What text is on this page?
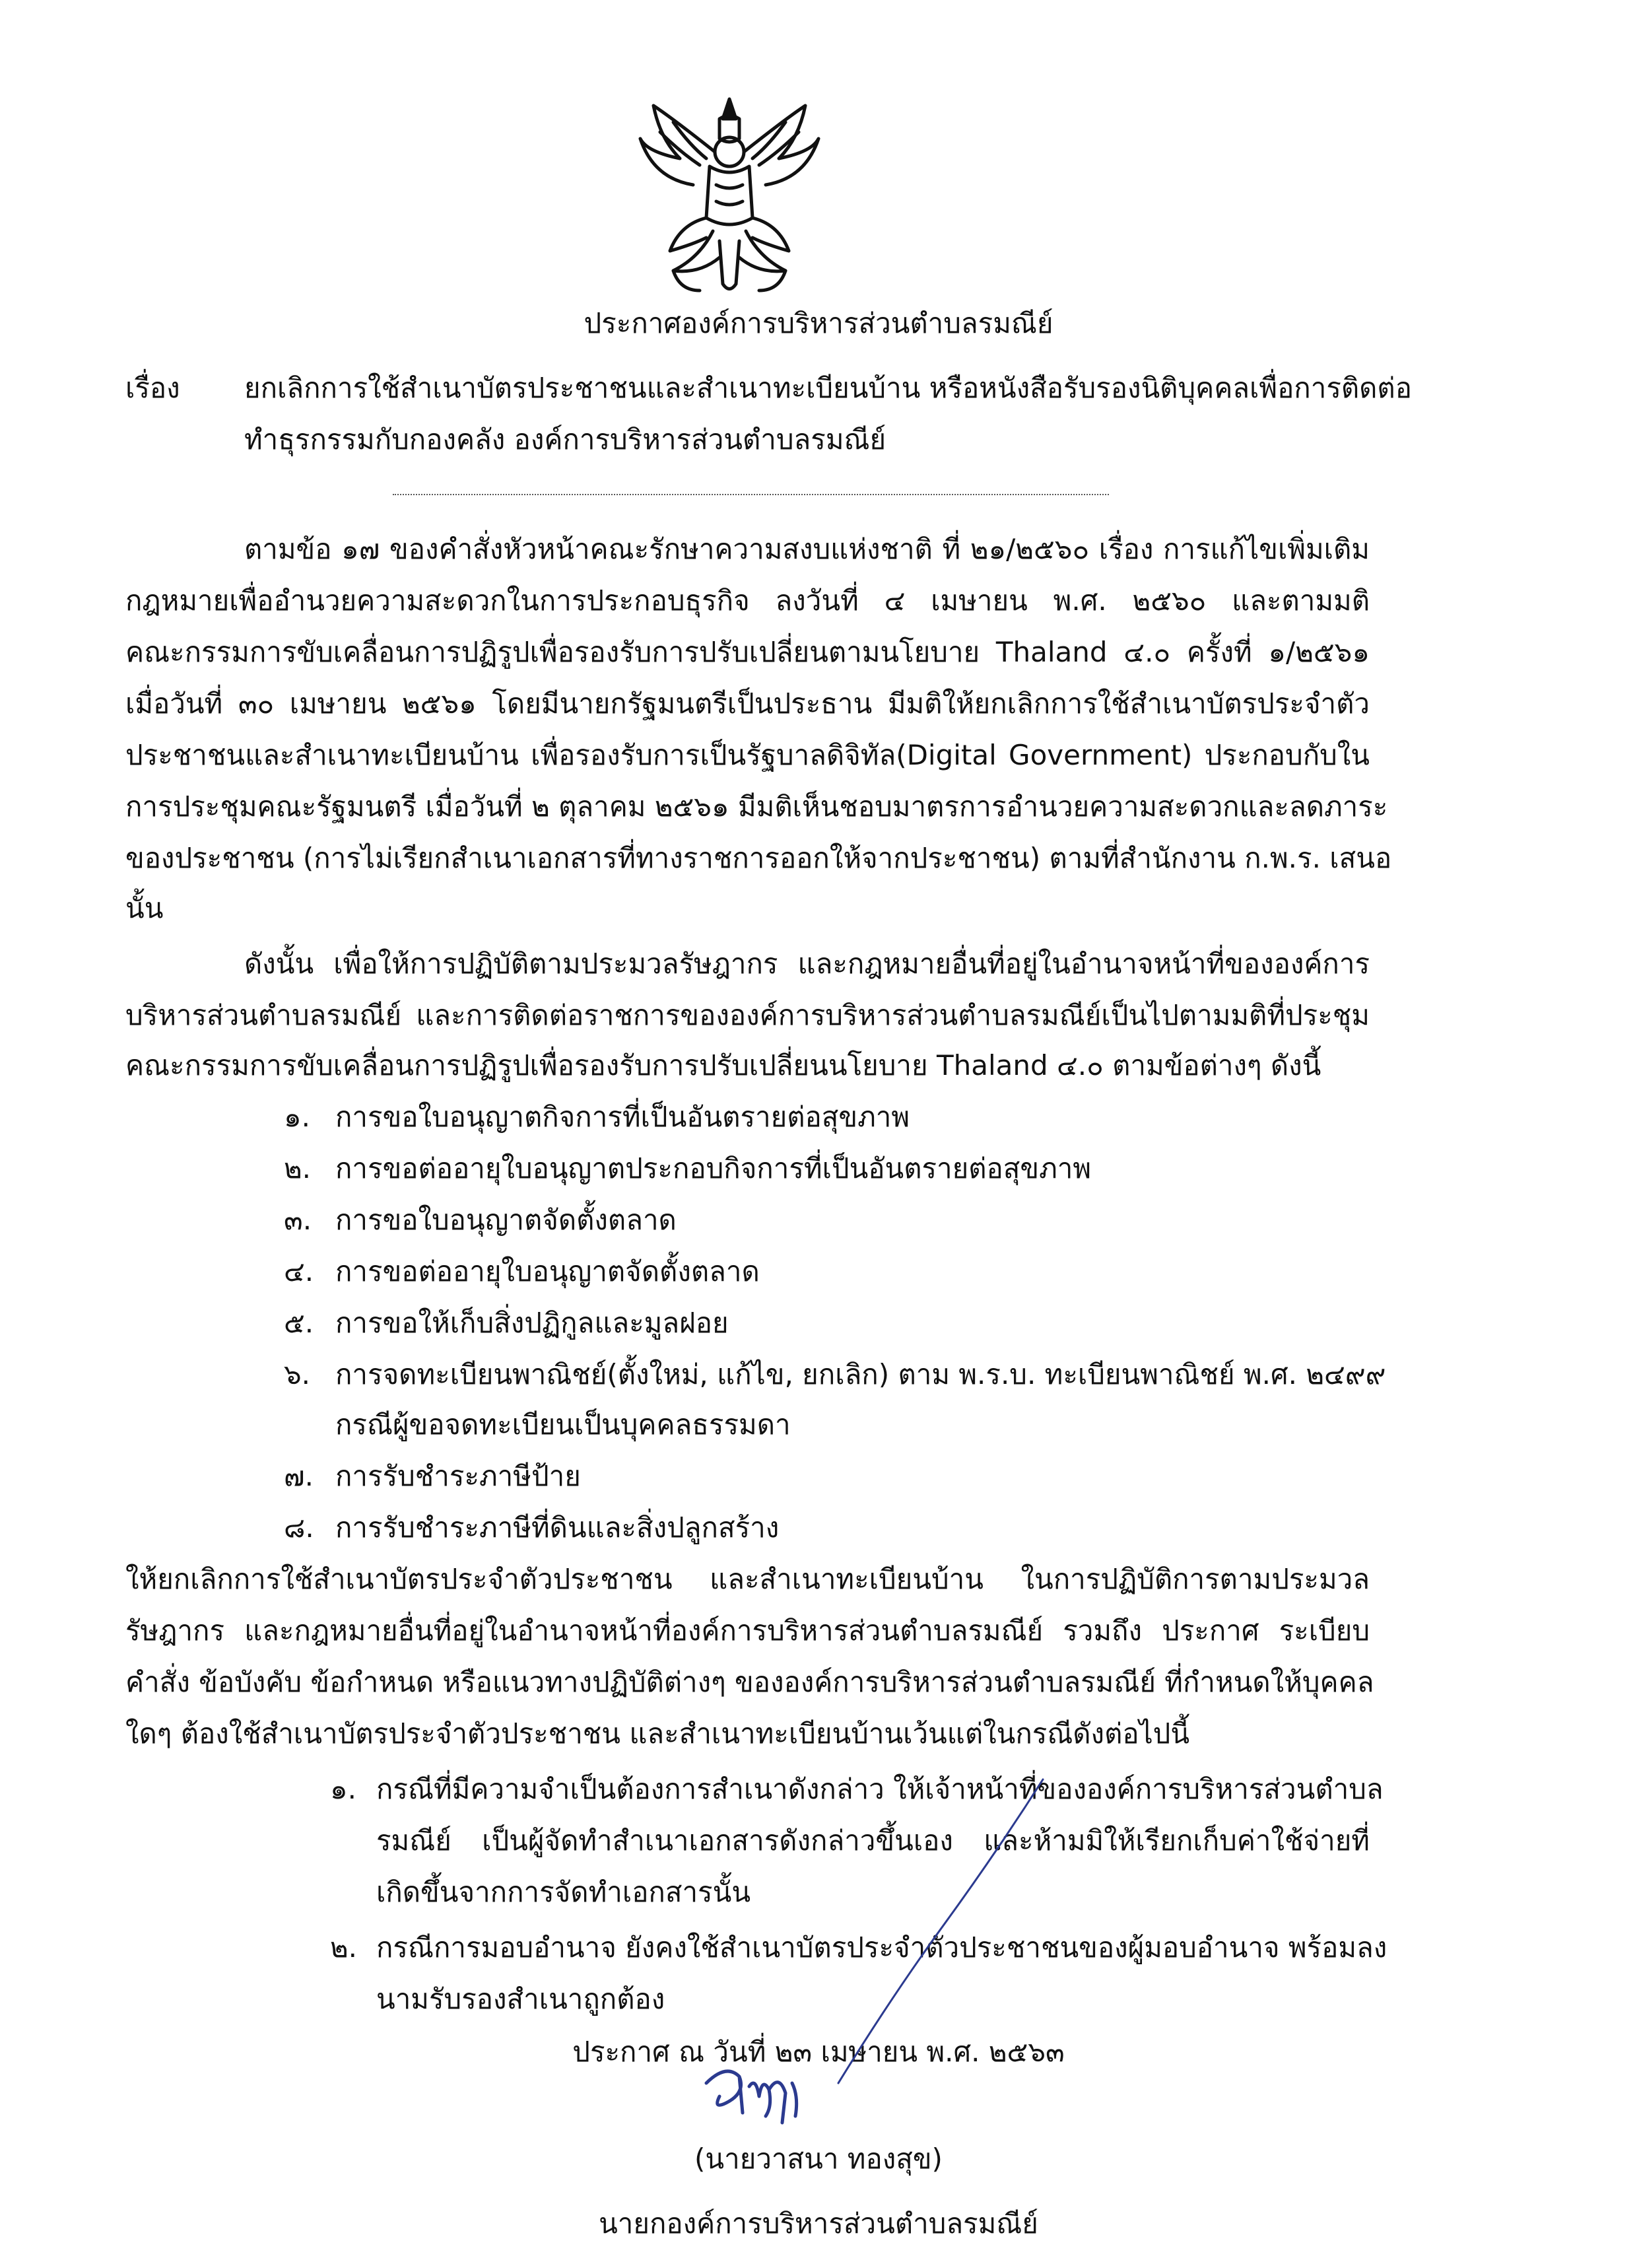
ประกาศองค์การบริหารส่วนตำบลรมณีย์
เรื่อง ยกเลิกการใช้สำเนาบัตรประชาชนและสำเนาทะเบียนบ้าน หรือหนังสือรับรองนิติบุคคลเพื่อการติดต่อ
ทำธุรกรรมกับกองคลัง องค์การบริหารส่วนตำบลรมณีย์
ตามข้อ ๑๗ ของคำสั่งหัวหน้าคณะรักษาความสงบแห่งชาติ ที่ ๒๑/๒๕๖๐ เรื่อง การแก้ไขเพิ่มเติม
กฎหมายเพื่ออำนวยความสะดวกในการประกอบธุรกิจ ลงวันที่ ๔ เมษายน พ.ศ. ๒๕๖๐ และตามมติ
คณะกรรมการขับเคลื่อนการปฏิรูปเพื่อรองรับการปรับเปลี่ยนตามนโยบาย Thaland ๔.๐ ครั้งที่ ๑/๒๕๖๑
เมื่อวันที่ ๓๐ เมษายน ๒๕๖๑ โดยมีนายกรัฐมนตรีเป็นประธาน มีมติให้ยกเลิกการใช้สำเนาบัตรประจำตัว
ประชาชนและสำเนาทะเบียนบ้าน เพื่อรองรับการเป็นรัฐบาลดิจิทัล(Digital Government) ประกอบกับใน
การประชุมคณะรัฐมนตรี เมื่อวันที่ ๒ ตุลาคม ๒๕๖๑ มีมติเห็นชอบมาตรการอำนวยความสะดวกและลดภาระ
ของประชาชน (การไม่เรียกสำเนาเอกสารที่ทางราชการออกให้จากประชาชน) ตามที่สำนักงาน ก.พ.ร. เสนอ
นั้น
ดังนั้น เพื่อให้การปฏิบัติตามประมวลรัษฎากร และกฎหมายอื่นที่อยู่ในอำนาจหน้าที่ขององค์การ
บริหารส่วนตำบลรมณีย์ และการติดต่อราชการขององค์การบริหารส่วนตำบลรมณีย์เป็นไปตามมติที่ประชุม
คณะกรรมการขับเคลื่อนการปฏิรูปเพื่อรองรับการปรับเปลี่ยนนโยบาย Thaland ๔.๐ ตามข้อต่างๆ ดังนี้
๑. การขอใบอนุญาตกิจการที่เป็นอันตรายต่อสุขภาพ
๒. การขอต่ออายุใบอนุญาตประกอบกิจการที่เป็นอันตรายต่อสุขภาพ
๓. การขอใบอนุญาตจัดตั้งตลาด
๔. การขอต่ออายุใบอนุญาตจัดตั้งตลาด
๕. การขอให้เก็บสิ่งปฏิกูลและมูลฝอย
๖. การจดทะเบียนพาณิชย์(ตั้งใหม่, แก้ไข, ยกเลิก) ตาม พ.ร.บ. ทะเบียนพาณิชย์ พ.ศ. ๒๔๙๙
กรณีผู้ขอจดทะเบียนเป็นบุคคลธรรมดา
๗. การรับชำระภาษีป้าย
๘. การรับชำระภาษีที่ดินและสิ่งปลูกสร้าง
ให้ยกเลิกการใช้สำเนาบัตรประจำตัวประชาชน และสำเนาทะเบียนบ้าน ในการปฏิบัติการตามประมวล
รัษฎากร และกฎหมายอื่นที่อยู่ในอำนาจหน้าที่องค์การบริหารส่วนตำบลรมณีย์ รวมถึง ประกาศ ระเบียบ
คำสั่ง ข้อบังคับ ข้อกำหนด หรือแนวทางปฏิบัติต่างๆ ขององค์การบริหารส่วนตำบลรมณีย์ ที่กำหนดให้บุคคล
ใดๆ ต้องใช้สำเนาบัตรประจำตัวประชาชน และสำเนาทะเบียนบ้านเว้นแต่ในกรณีดังต่อไปนี้
๑. กรณีที่มีความจำเป็นต้องการสำเนาดังกล่าว ให้เจ้าหน้าที่ขององค์การบริหารส่วนตำบล
รมณีย์ เป็นผู้จัดทำสำเนาเอกสารดังกล่าวขึ้นเอง และห้ามมิให้เรียกเก็บค่าใช้จ่ายที่
เกิดขึ้นจากการจัดทำเอกสารนั้น
๒. กรณีการมอบอำนาจ ยังคงใช้สำเนาบัตรประจำตัวประชาชนของผู้มอบอำนาจ พร้อมลง
นามรับรองสำเนาถูกต้อง
ประกาศ ณ วันที่ ๒๓ เมษายน พ.ศ. ๒๕๖๓
(นายวาสนา ทองสุข)
นายกองค์การบริหารส่วนตำบลรมณีย์
